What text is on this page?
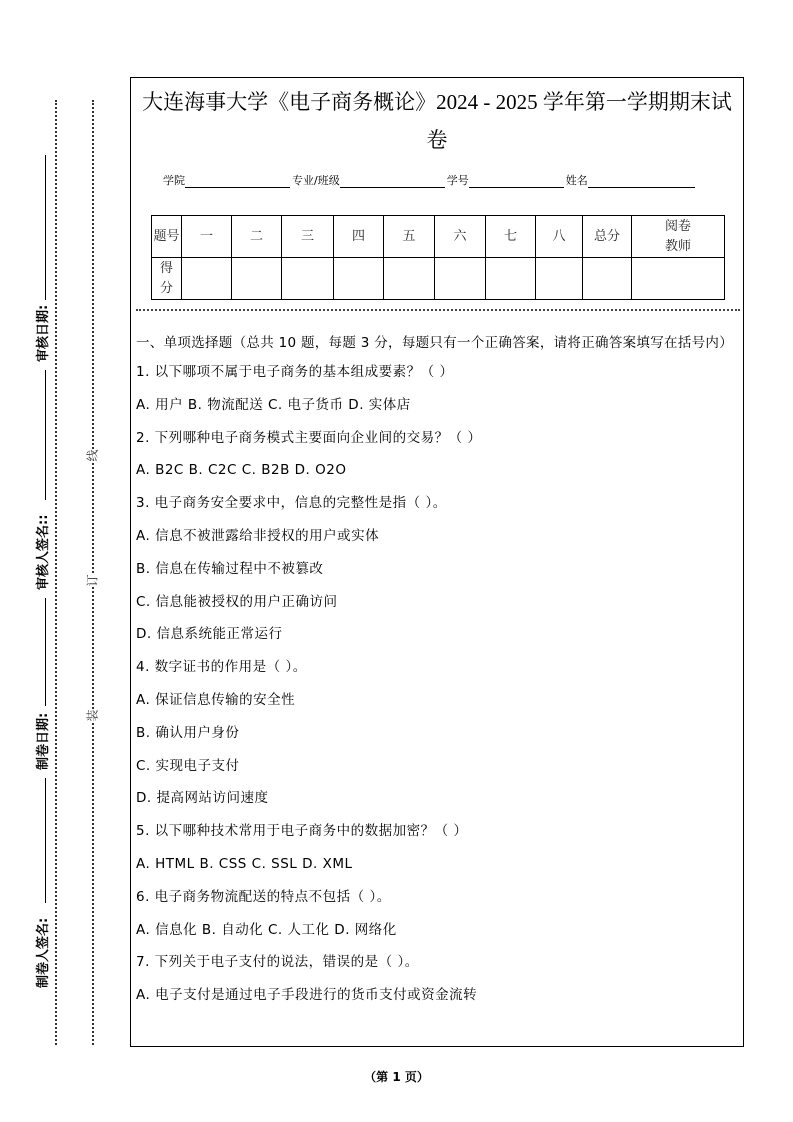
审核日期:
审核人签名::
制卷日期:
制卷人签名:
线
订
装
大连海事大学《电子商务概论》2024 - 2025 学年第一学期期末试
卷
学院	专业/班级	学号	姓名
题号	一	二	三	四	五	六	七	八	总分	阅卷教师
得分										
一、单项选择题（总共 10 题，每题 3 分，每题只有一个正确答案，请将正确答案填写在括号内）
1. 以下哪项不属于电子商务的基本组成要素？（ ）
A. 用户 B. 物流配送 C. 电子货币 D. 实体店
2. 下列哪种电子商务模式主要面向企业间的交易？（ ）
A. B2C B. C2C C. B2B D. O2O
3. 电子商务安全要求中，信息的完整性是指（ ）。
A. 信息不被泄露给非授权的用户或实体
B. 信息在传输过程中不被篡改
C. 信息能被授权的用户正确访问
D. 信息系统能正常运行
4. 数字证书的作用是（ ）。
A. 保证信息传输的安全性
B. 确认用户身份
C. 实现电子支付
D. 提高网站访问速度
5. 以下哪种技术常用于电子商务中的数据加密？（ ）
A. HTML B. CSS C. SSL D. XML
6. 电子商务物流配送的特点不包括（ ）。
A. 信息化 B. 自动化 C. 人工化 D. 网络化
7. 下列关于电子支付的说法，错误的是（ ）。
A. 电子支付是通过电子手段进行的货币支付或资金流转
（第 1 页）
